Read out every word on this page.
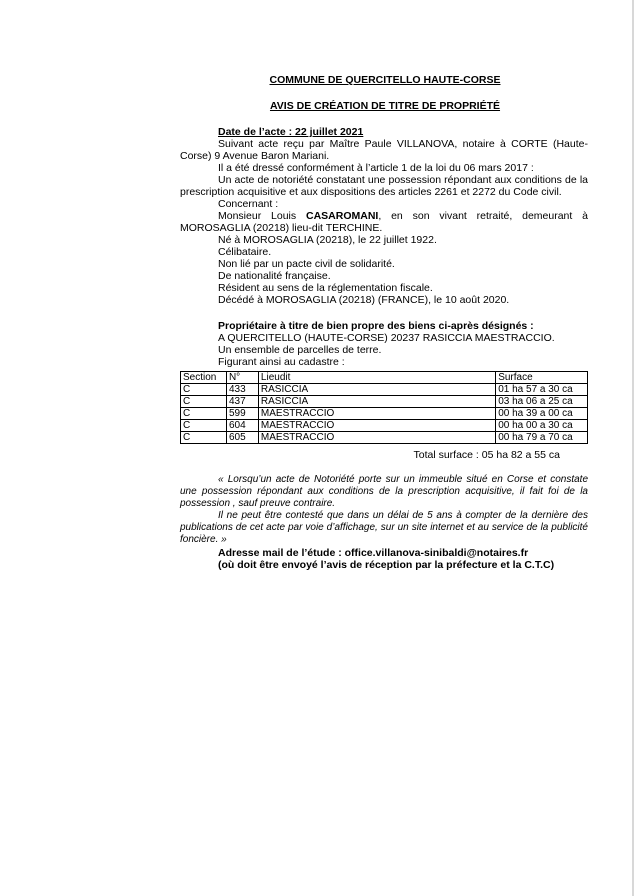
COMMUNE DE QUERCITELLO HAUTE-CORSE
AVIS DE CRÉATION DE TITRE DE PROPRIÉTÉ

Date de l’acte : 22 juillet 2021

Suivant acte reçu par Maître Paule VILLANOVA, notaire à CORTE (Haute-Corse) 9 Avenue Baron Mariani.

Il a été dressé conformément à l’article 1 de la loi du 06 mars 2017 :

Un acte de notoriété constatant une possession répondant aux conditions de la prescription acquisitive et aux dispositions des articles 2261 et 2272 du Code civil.

Concernant :

Monsieur Louis CASAROMANI, en son vivant retraité, demeurant à MOROSAGLIA (20218) lieu-dit TERCHINE.

Né à MOROSAGLIA (20218), le 22 juillet 1922.

Célibataire.

Non lié par un pacte civil de solidarité.

De nationalité française.

Résident au sens de la réglementation fiscale.

Décédé à MOROSAGLIA (20218) (FRANCE), le 10 août 2020.

Propriétaire à titre de bien propre des biens ci-après désignés :

A QUERCITELLO (HAUTE-CORSE) 20237 RASICCIA MAESTRACCIO.

Un ensemble de parcelles de terre.

Figurant ainsi au cadastre :

Section	N°	Lieudit	Surface
C	433	RASICCIA	01 ha 57 a 30 ca
C	437	RASICCIA	03 ha 06 a 25 ca
C	599	MAESTRACCIO	00 ha 39 a 00 ca
C	604	MAESTRACCIO	00 ha 00 a 30 ca
C	605	MAESTRACCIO	00 ha 79 a 70 ca
Total surface : 05 ha 82 a 55 ca

« Lorsqu’un acte de Notoriété porte sur un immeuble situé en Corse et constate une possession répondant aux conditions de la prescription acquisitive, il fait foi de la possession , sauf preuve contraire.

Il ne peut être contesté que dans un délai de 5 ans à compter de la dernière des publications de cet acte par voie d’affichage, sur un site internet et au service de la publicité foncière. »

Adresse mail de l’étude : office.villanova-sinibaldi@notaires.fr
(où doit être envoyé l’avis de réception par la préfecture et la C.T.C)
